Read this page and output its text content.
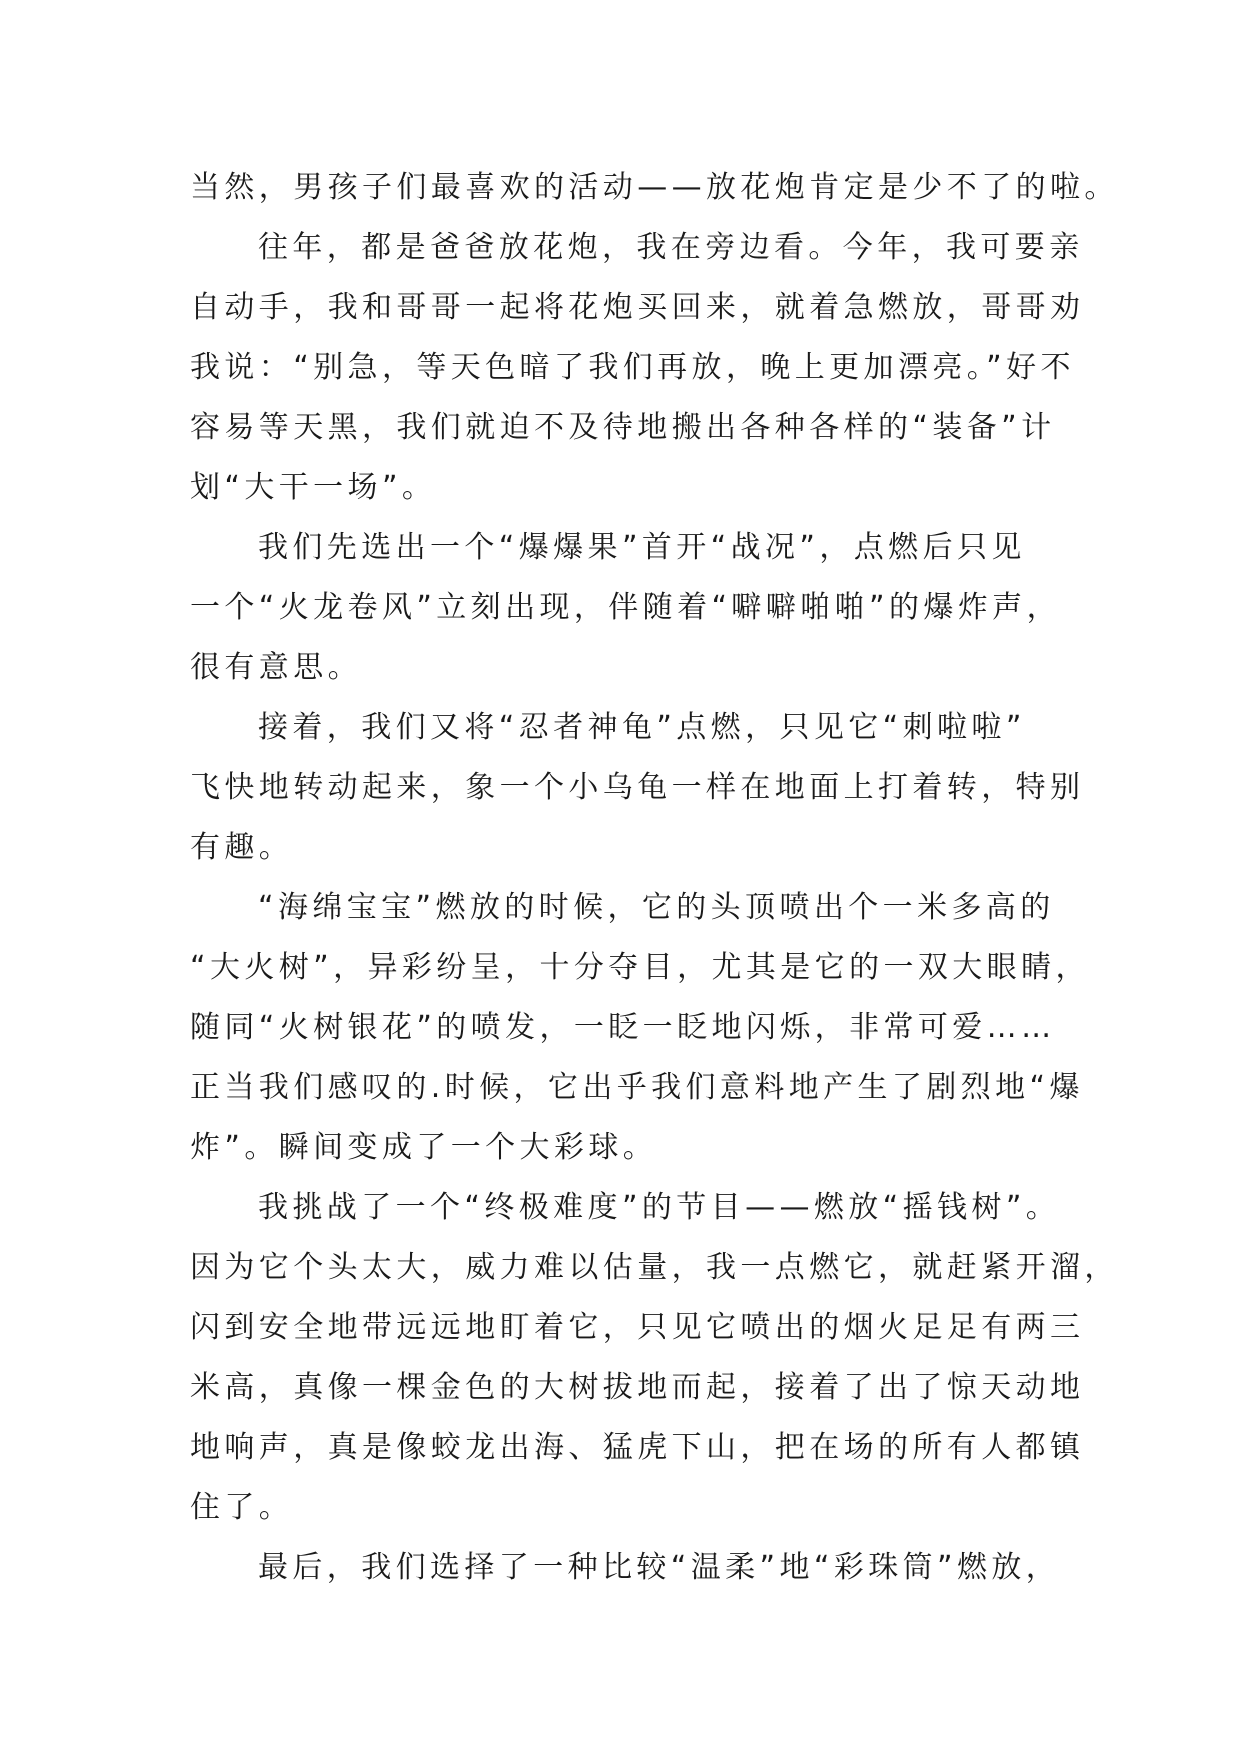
当然，男孩子们最喜欢的活动——放花炮肯定是少不了的啦。
往年，都是爸爸放花炮，我在旁边看。今年，我可要亲
自动手，我和哥哥一起将花炮买回来，就着急燃放，哥哥劝
我说：“别急，等天色暗了我们再放，晚上更加漂亮。”好不
容易等天黑，我们就迫不及待地搬出各种各样的“装备”计
划“大干一场”。
我们先选出一个“爆爆果”首开“战况”，点燃后只见
一个“火龙卷风”立刻出现，伴随着“噼噼啪啪”的爆炸声，
很有意思。
接着，我们又将“忍者神龟”点燃，只见它“刺啦啦”
飞快地转动起来，象一个小乌龟一样在地面上打着转，特别
有趣。
“海绵宝宝”燃放的时候，它的头顶喷出个一米多高的
“大火树”，异彩纷呈，十分夺目，尤其是它的一双大眼睛，
随同“火树银花”的喷发，一眨一眨地闪烁，非常可爱……
正当我们感叹的.时候，它出乎我们意料地产生了剧烈地“爆
炸”。瞬间变成了一个大彩球。
我挑战了一个“终极难度”的节目——燃放“摇钱树”。
因为它个头太大，威力难以估量，我一点燃它，就赶紧开溜，
闪到安全地带远远地盯着它，只见它喷出的烟火足足有两三
米高，真像一棵金色的大树拔地而起，接着了出了惊天动地
地响声，真是像蛟龙出海、猛虎下山，把在场的所有人都镇
住了。
最后，我们选择了一种比较“温柔”地“彩珠筒”燃放，
